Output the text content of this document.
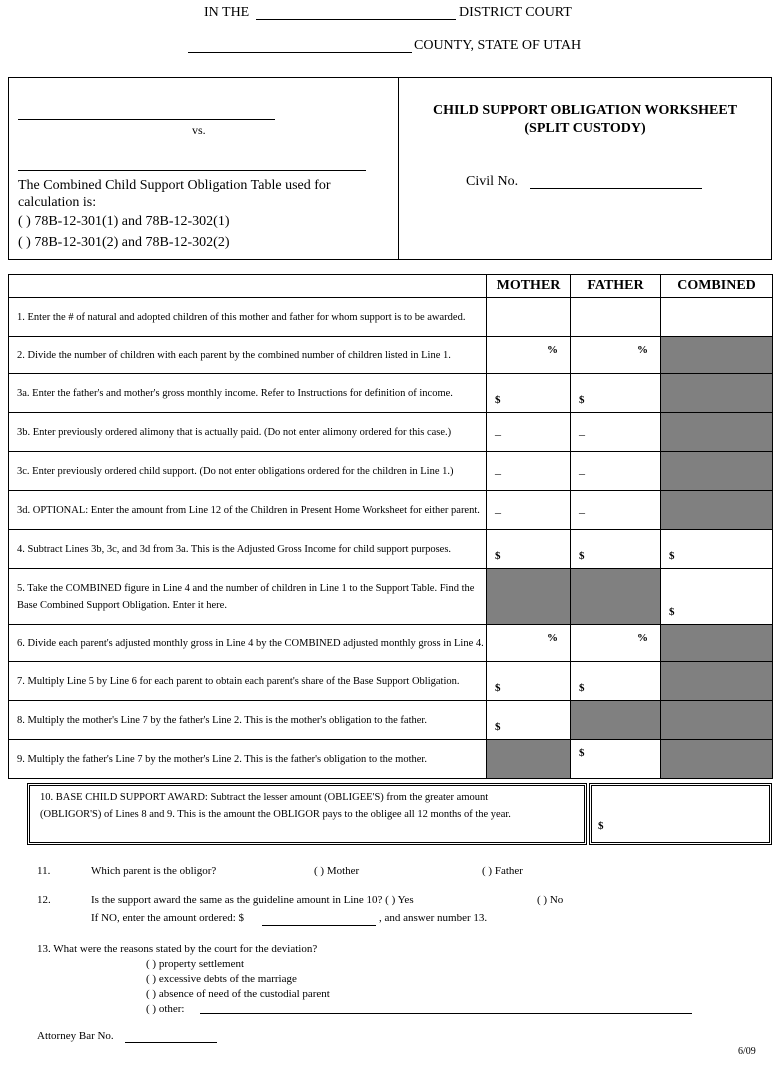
IN THE	DISTRICT COURT
COUNTY, STATE OF UTAH
vs.
The Combined Child Support Obligation Table used for calculation is:
( ) 78B-12-301(1) and 78B-12-302(1)
( ) 78B-12-301(2) and 78B-12-302(2)
CHILD SUPPORT OBLIGATION WORKSHEET
(SPLIT CUSTODY)
Civil No.
	MOTHER	FATHER	COMBINED
1. Enter the # of natural and adopted children of this mother and father for whom support is to be awarded.			
2. Divide the number of children with each parent by the combined number of children listed in Line 1.	%	%	

3a. Enter the father's and mother's gross monthly income. Refer to Instructions for definition of income.	$	$	

3b. Enter previously ordered alimony that is actually paid. (Do not enter alimony ordered for this case.)	_	_	

3c. Enter previously ordered child support. (Do not enter obligations ordered for the children in Line 1.)	_	_	

3d. OPTIONAL: Enter the amount from Line 12 of the Children in Present Home Worksheet for either parent.	_	_	

4. Subtract Lines 3b, 3c, and 3d from 3a. This is the Adjusted Gross Income for child support purposes.	$	$	$

5. Take the COMBINED figure in Line 4 and the number of children in Line 1 to the Support Table. Find the Base Combined Support Obligation. Enter it here.			$

6. Divide each parent's adjusted monthly gross in Line 4 by the COMBINED adjusted monthly gross in Line 4.	%	%	

7. Multiply Line 5 by Line 6 for each parent to obtain each parent's share of the Base Support Obligation.	$	$	

8. Multiply the mother's Line 7 by the father's Line 2. This is the mother's obligation to the father.	$		

9. Multiply the father's Line 7 by the mother's Line 2. This is the father's obligation to the mother.		$	

10. BASE CHILD SUPPORT AWARD: Subtract the lesser amount (OBLIGEE'S) from the greater amount (OBLIGOR'S) of Lines 8 and 9. This is the amount the OBLIGOR pays to the obligee all 12 months of the year.
$
11.	Which parent is the obligor?	( ) Mother	( ) Father
12.	Is the support award the same as the guideline amount in Line 10? ( ) Yes	( ) No
If NO, enter the amount ordered: $	, and answer number 13.
13. What were the reasons stated by the court for the deviation?
( ) property settlement
( ) excessive debts of the marriage
( ) absence of need of the custodial parent
( ) other:
Attorney Bar No.
6/09
